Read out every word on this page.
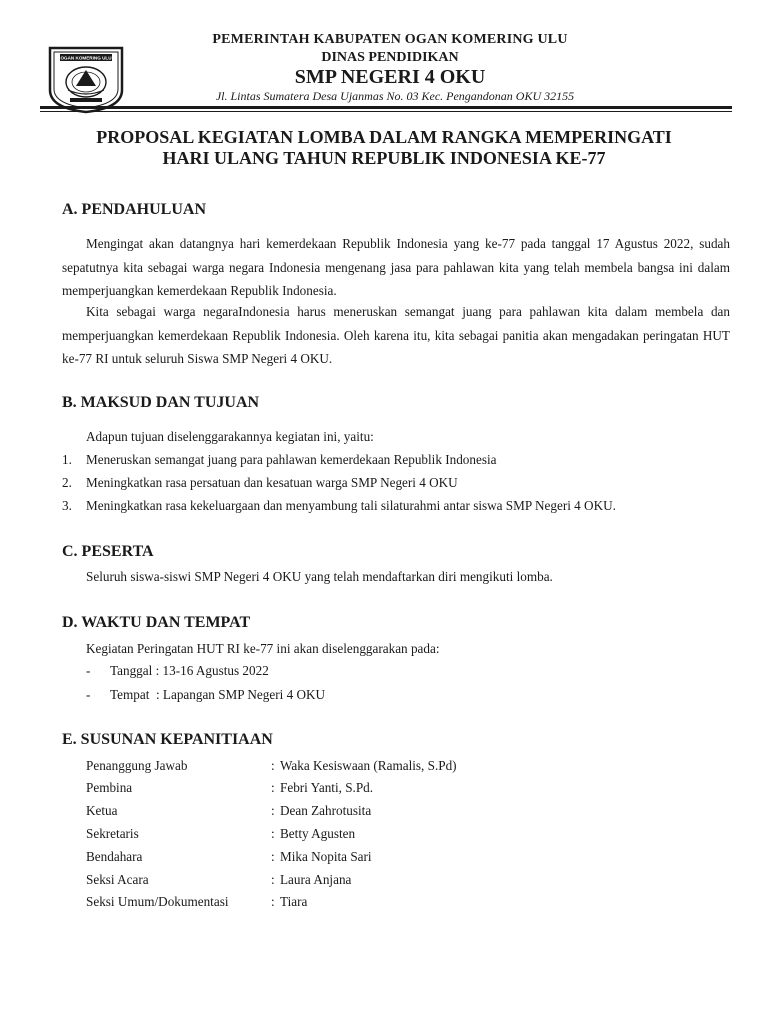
OGAN KOMERING ULU
PEMERINTAH KABUPATEN OGAN KOMERING ULU
DINAS PENDIDIKAN
SMP NEGERI 4 OKU
Jl. Lintas Sumatera Desa Ujanmas No. 03 Kec. Pengandonan OKU 32155
PROPOSAL KEGIATAN LOMBA DALAM RANGKA MEMPERINGATI
HARI ULANG TAHUN REPUBLIK INDONESIA KE-77
A. PENDAHULUAN
Mengingat akan datangnya hari kemerdekaan Republik Indonesia yang ke-77 pada tanggal 17 Agustus 2022, sudah sepatutnya kita sebagai warga negara Indonesia mengenang jasa para pahlawan kita yang telah membela bangsa ini dalam memperjuangkan kemerdekaan Republik Indonesia.
Kita sebagai warga negaraIndonesia harus meneruskan semangat juang para pahlawan kita dalam membela dan memperjuangkan kemerdekaan Republik Indonesia. Oleh karena itu, kita sebagai panitia akan mengadakan peringatan HUT ke-77 RI untuk seluruh Siswa SMP Negeri 4 OKU.
B. MAKSUD DAN TUJUAN
Adapun tujuan diselenggarakannya kegiatan ini, yaitu:
1. Meneruskan semangat juang para pahlawan kemerdekaan Republik Indonesia
2. Meningkatkan rasa persatuan dan kesatuan warga SMP Negeri 4 OKU
3. Meningkatkan rasa kekeluargaan dan menyambung tali silaturahmi antar siswa SMP Negeri 4 OKU.
C. PESERTA
Seluruh siswa-siswi SMP Negeri 4 OKU yang telah mendaftarkan diri mengikuti lomba.
D. WAKTU DAN TEMPAT
Kegiatan Peringatan HUT RI ke-77 ini akan diselenggarakan pada:
- Tanggal : 13-16 Agustus 2022
- Tempat  : Lapangan SMP Negeri 4 OKU
E. SUSUNAN KEPANITIAAN
Penanggung Jawab	: Waka Kesiswaan (Ramalis, S.Pd)
Pembina	: Febri Yanti, S.Pd.
Ketua	: Dean Zahrotusita
Sekretaris	: Betty Agusten
Bendahara	: Mika Nopita Sari
Seksi Acara	: Laura Anjana
Seksi Umum/Dokumentasi	: Tiara
